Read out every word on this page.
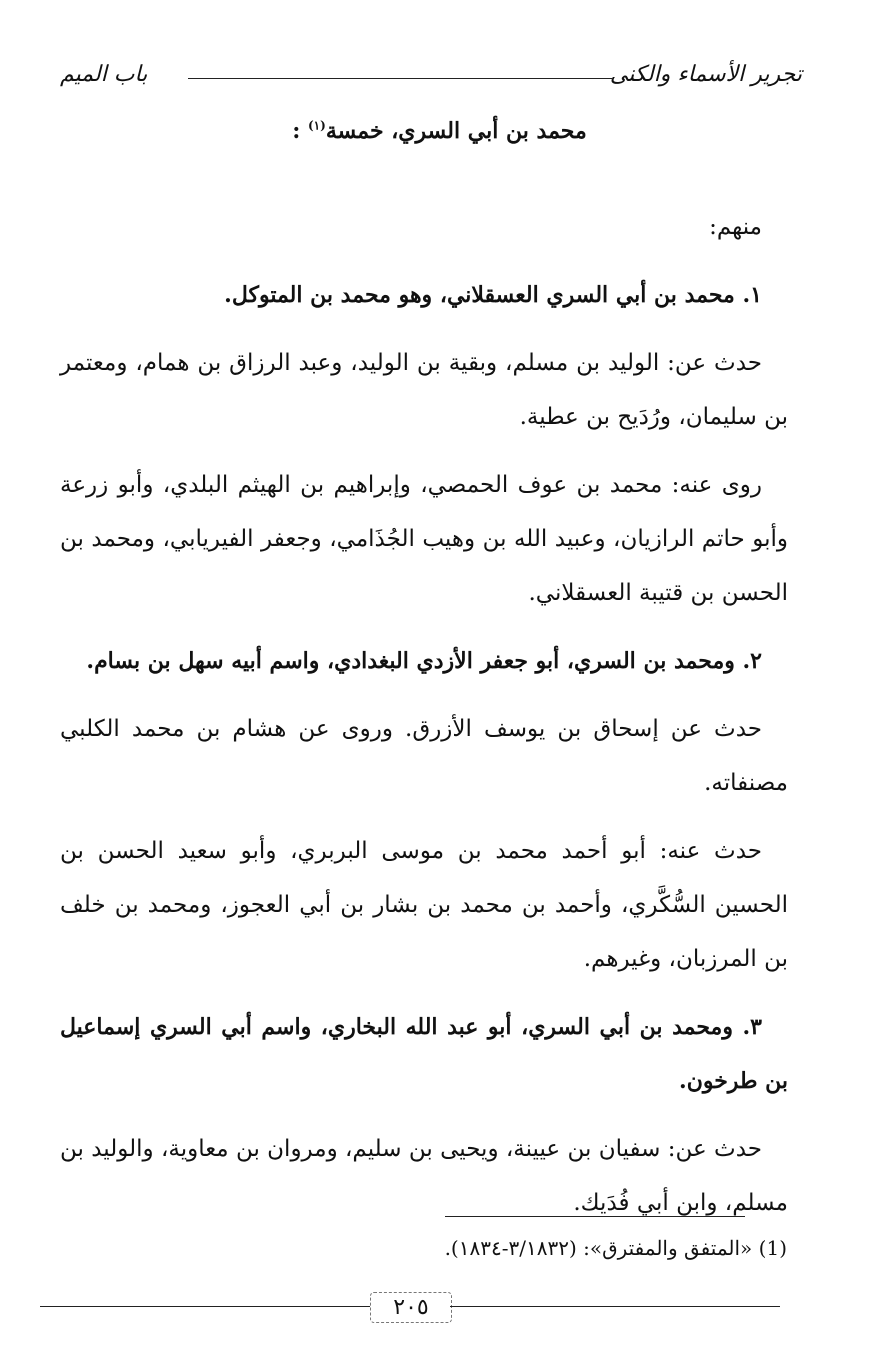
تجرير الأسماء والكنى
باب الميم
محمد بن أبي السري، خمسة$^{(١)}$ :

منهم:

١. محمد بن أبي السري العسقلاني، وهو محمد بن المتوكل.

حدث عن: الوليد بن مسلم، وبقية بن الوليد، وعبد الرزاق بن همام، ومعتمر بن سليمان، ورُدَيح بن عطية.

روى عنه: محمد بن عوف الحمصي، وإبراهيم بن الهيثم البلدي، وأبو زرعة وأبو حاتم الرازيان، وعبيد الله بن وهيب الجُذَامي، وجعفر الفيريابي، ومحمد بن الحسن بن قتيبة العسقلاني.

٢. ومحمد بن السري، أبو جعفر الأزدي البغدادي، واسم أبيه سهل بن بسام.

حدث عن إسحاق بن يوسف الأزرق. وروى عن هشام بن محمد الكلبي مصنفاته.

حدث عنه: أبو أحمد محمد بن موسى البربري، وأبو سعيد الحسن بن الحسين السُّكَّري، وأحمد بن محمد بن بشار بن أبي العجوز، ومحمد بن خلف بن المرزبان، وغيرهم.

٣. ومحمد بن أبي السري، أبو عبد الله البخاري، واسم أبي السري إسماعيل بن طرخون.

حدث عن: سفيان بن عيينة، ويحيى بن سليم، ومروان بن معاوية، والوليد بن مسلم، وابن أبي فُدَيك.

(1) «المتفق والمفترق»: (٣/١٨٣٢-١٨٣٤).
٢٠٥
